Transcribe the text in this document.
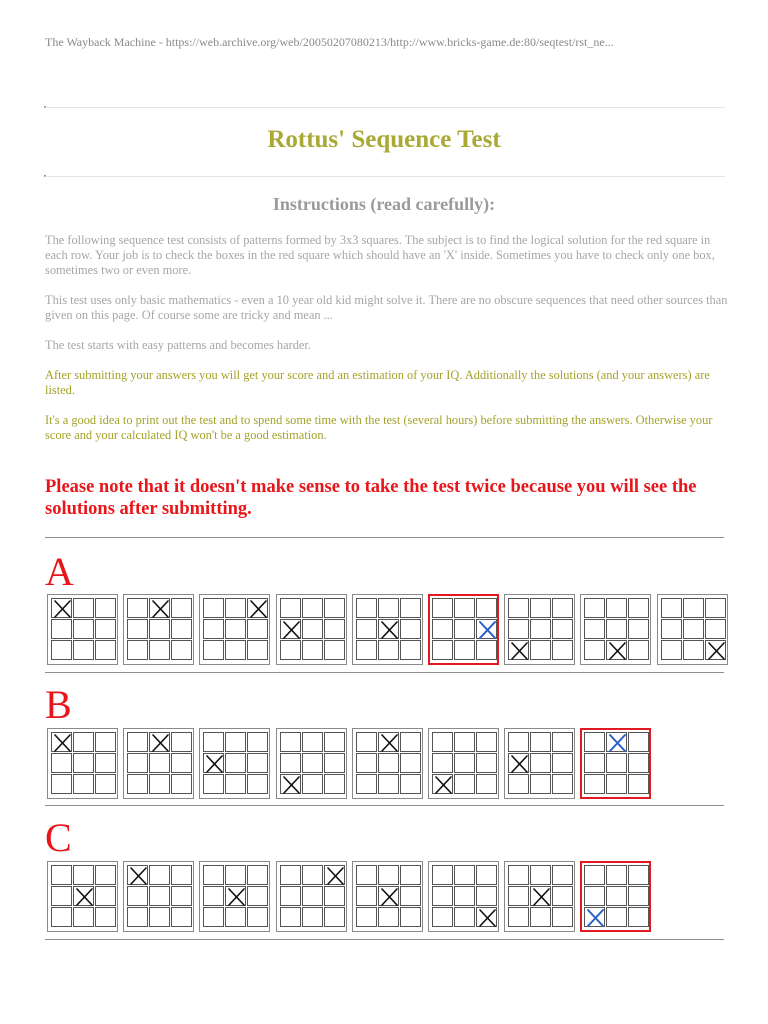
The Wayback Machine - https://web.archive.org/web/20050207080213/http://www.bricks-game.de:80/seqtest/rst_ne...
Rottus' Sequence Test
Instructions (read carefully):
The following sequence test consists of patterns formed by 3x3 squares. The subject is to find the logical solution for the red square in each row. Your job is to check the boxes in the red square which should have an 'X' inside. Sometimes you have to check only one box, sometimes two or even more.
This test uses only basic mathematics - even a 10 year old kid might solve it. There are no obscure sequences that need other sources than given on this page. Of course some are tricky and mean ...
The test starts with easy patterns and becomes harder.
After submitting your answers you will get your score and an estimation of your IQ. Additionally the solutions (and your answers) are listed.
It's a good idea to print out the test and to spend some time with the test (several hours) before submitting the answers. Otherwise your score and your calculated IQ won't be a good estimation.
Please note that it doesn't make sense to take the test twice because you will see the solutions after submitting.
A
B
C
